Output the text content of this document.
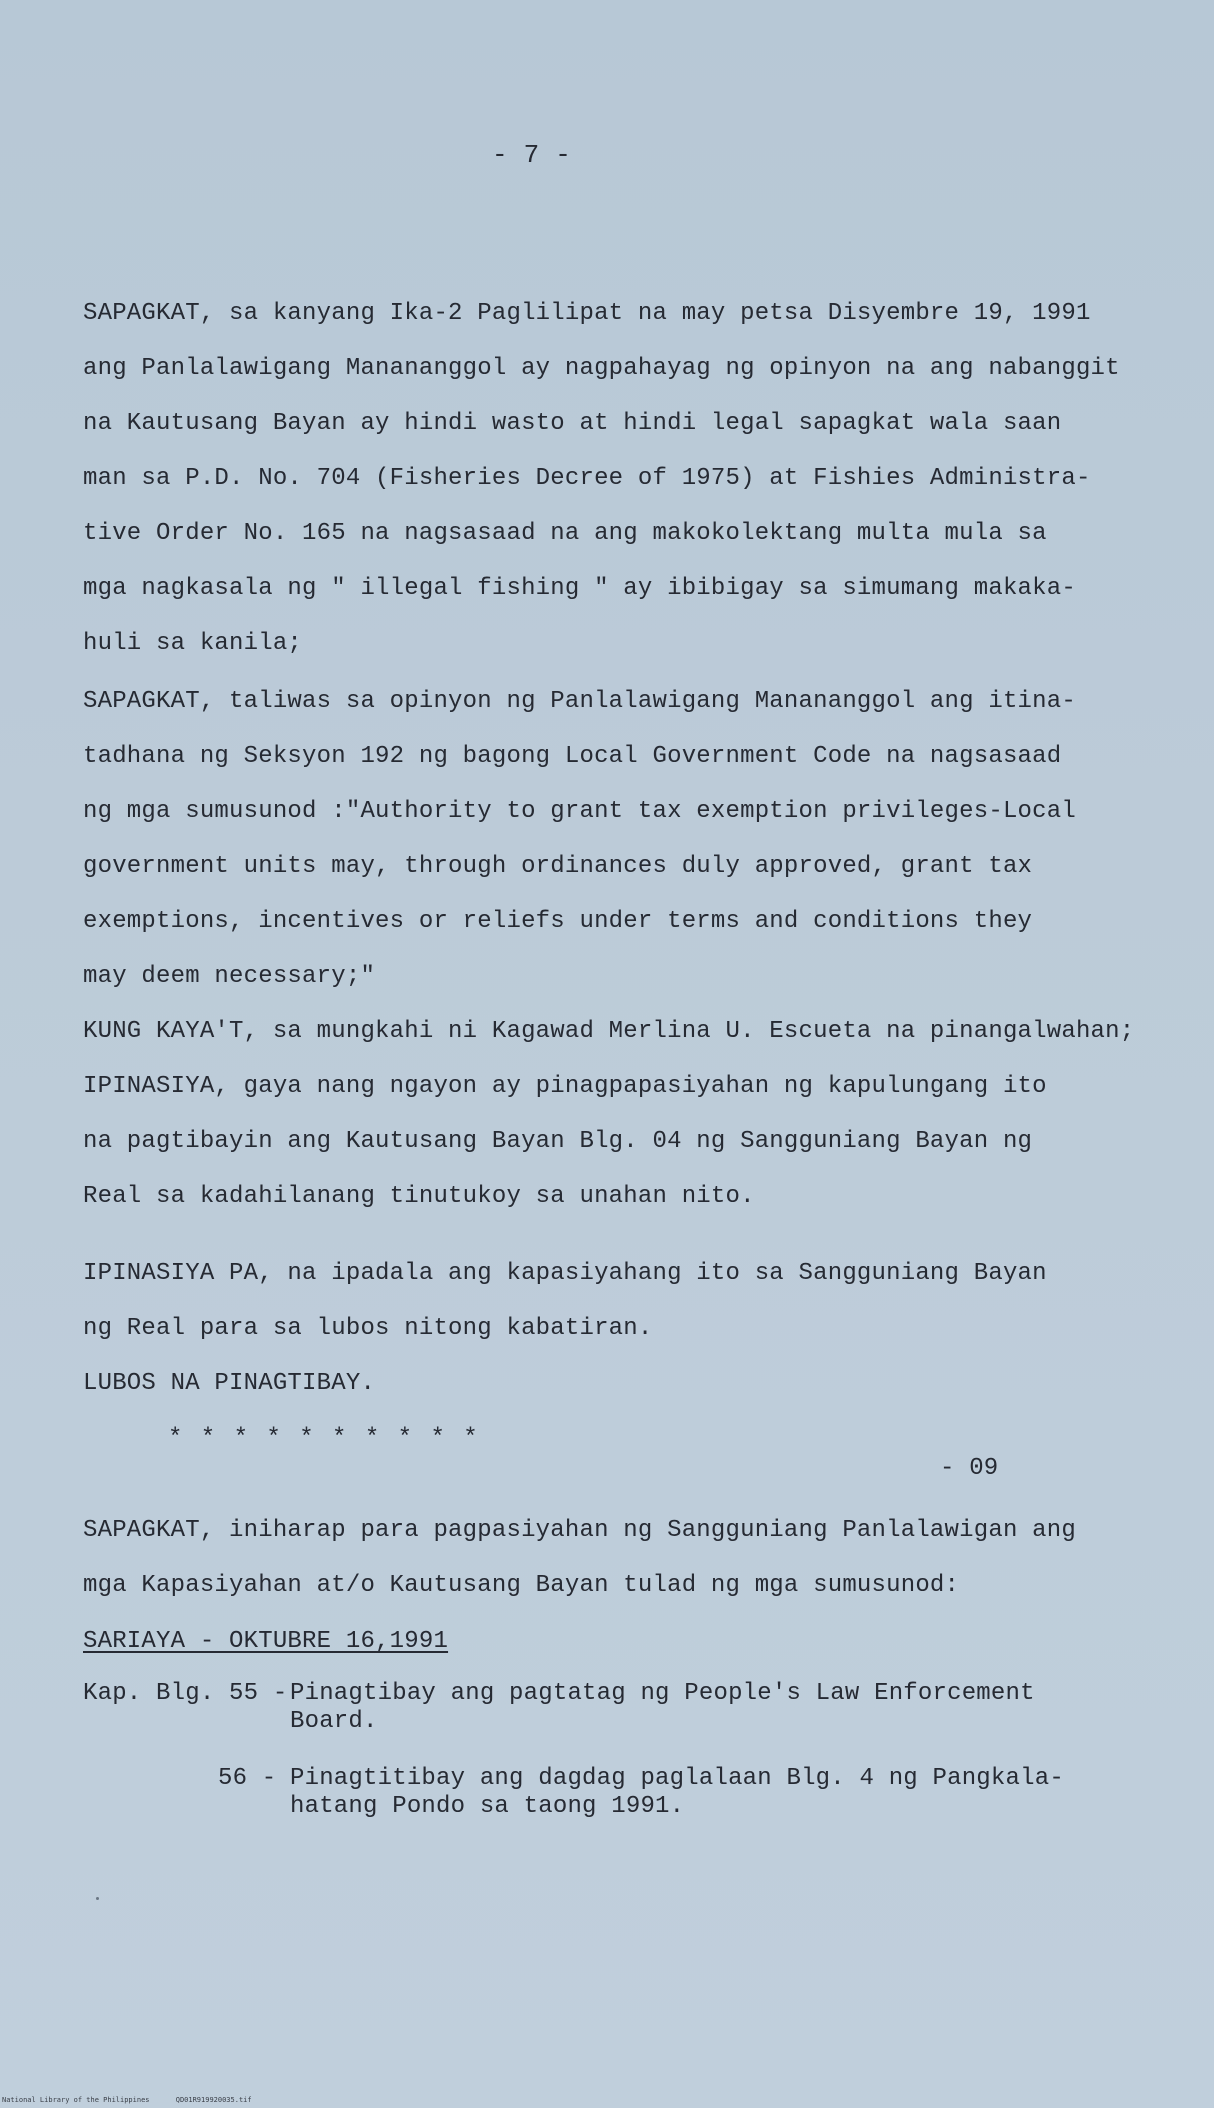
- 7 -
SAPAGKAT, sa kanyang Ika-2 Paglilipat na may petsa Disyembre 19, 1991
ang Panlalawigang Manananggol ay nagpahayag ng opinyon na ang nabanggit
na Kautusang Bayan ay hindi wasto at hindi legal sapagkat wala saan
man sa P.D. No. 704 (Fisheries Decree of 1975) at Fishies Administra-
tive Order No. 165 na nagsasaad na ang makokolektang multa mula sa
mga nagkasala ng " illegal fishing " ay ibibigay sa simumang makaka-
huli sa kanila;
SAPAGKAT, taliwas sa opinyon ng Panlalawigang Manananggol ang itina-
tadhana ng Seksyon 192 ng bagong Local Government Code na nagsasaad
ng mga sumusunod :"Authority to grant tax exemption privileges-Local
government units may, through ordinances duly approved, grant tax
exemptions, incentives or reliefs under terms and conditions they
may deem necessary;"
KUNG KAYA'T, sa mungkahi ni Kagawad Merlina U. Escueta na pinangalwahan;
IPINASIYA, gaya nang ngayon ay pinagpapasiyahan ng kapulungang ito
na pagtibayin ang Kautusang Bayan Blg. 04 ng Sangguniang Bayan ng
Real sa kadahilanang tinutukoy sa unahan nito.
IPINASIYA PA, na ipadala ang kapasiyahang ito sa Sangguniang Bayan
ng Real para sa lubos nitong kabatiran.
LUBOS NA PINAGTIBAY.
* * * * * * * * * *
- 09
SAPAGKAT, iniharap para pagpasiyahan ng Sangguniang Panlalawigan ang
mga Kapasiyahan at/o Kautusang Bayan tulad ng mga sumusunod:
SARIAYA - OKTUBRE 16,1991
Kap. Blg. 55 - Pinagtibay ang pagtatag ng People's Law Enforcement
Board.
56 - Pinagtitibay ang dagdag paglalaan Blg. 4 ng Pangkala-
hatang Pondo sa taong 1991.
National Library of the Philippines	QD01R919920035.tif
